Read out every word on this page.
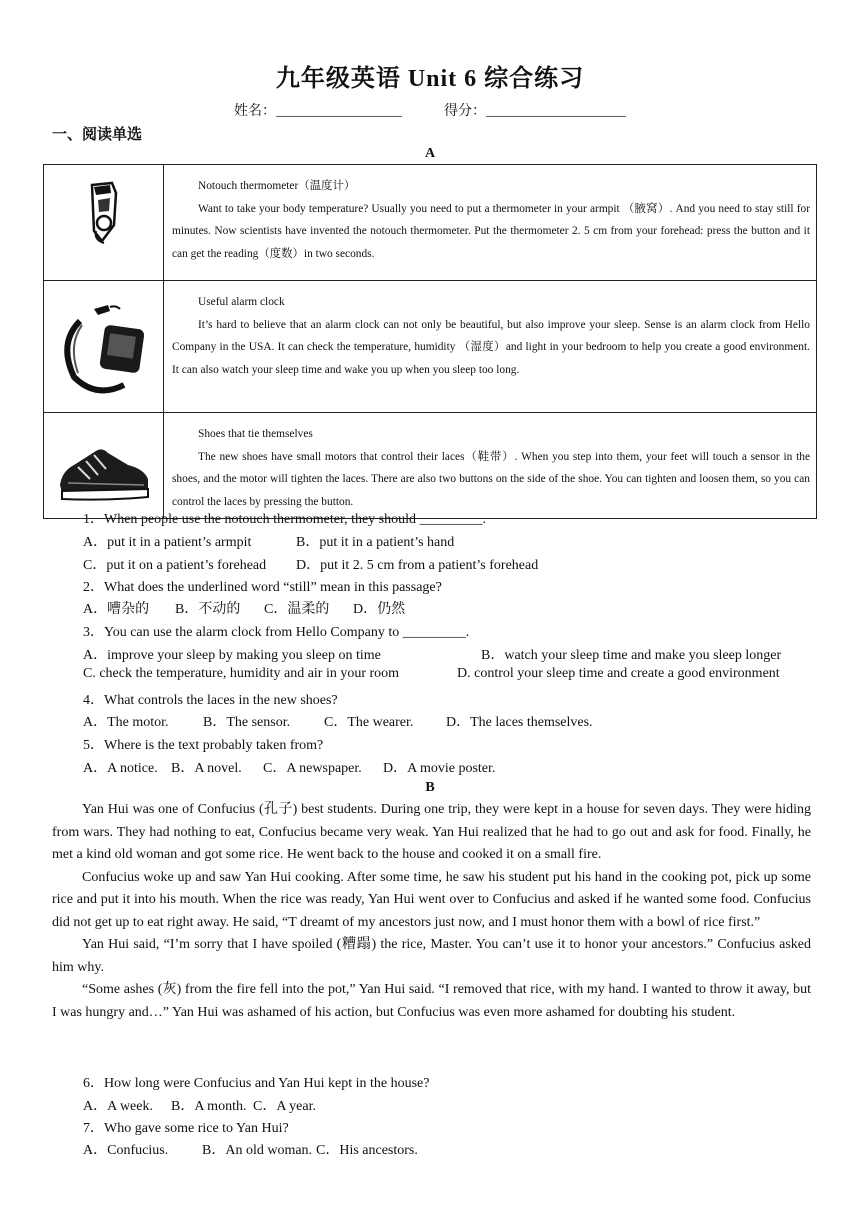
九年级英语 Unit 6 综合练习
姓名：__________________	得分：____________________
一、阅读单选
A

Notouch thermometer（温度计）

Want to take your body temperature? Usually you need to put a thermometer in your armpit （腋窝）. And you need to stay still for minutes. Now scientists have invented the notouch thermometer. Put the thermometer 2. 5 cm from your forehead: press the button and it can get the reading（度数）in two seconds.

Useful alarm clock

It’s hard to believe that an alarm clock can not only be beautiful, but also improve your sleep. Sense is an alarm clock from Hello Company in the USA. It can check the temperature, humidity （湿度）and light in your bedroom to help you create a good environment. It can also watch your sleep time and wake you up when you sleep too long.

Shoes that tie themselves

The new shoes have small motors that control their laces（鞋带）. When you step into them, your feet will touch a sensor in the shoes, and the motor will tighten the laces. There are also two buttons on the side of the shoe. You can tighten and loosen them, so you can control the laces by pressing the button.

1．When people use the notouch thermometer, they should _________.
A．put it in a patient’s armpit	B．put it in a patient’s hand
C．put it on a patient’s forehead D．put it 2. 5 cm from a patient’s forehead
2．What does the underlined word “still” mean in this passage?
A．嘈杂的 B．不动的 C．温柔的 D．仍然
3．You can use the alarm clock from Hello Company to _________.
A．improve your sleep by making you sleep on time	B．watch your sleep time and make you sleep longer
C. check the temperature, humidity and air in your room	D. control your sleep time and create a good environment
4．What controls the laces in the new shoes?
A．The motor. B．The sensor. C．The wearer. D．The laces themselves.
5．Where is the text probably taken from?
A．A notice. B．A novel. C．A newspaper. D．A movie poster.
B

Yan Hui was one of Confucius (孔子) best students. During one trip, they were kept in a house for seven days. They were hiding from wars. They had nothing to eat, Confucius became very weak. Yan Hui realized that he had to go out and ask for food. Finally, he met a kind old woman and got some rice. He went back to the house and cooked it on a small fire.

Confucius woke up and saw Yan Hui cooking. After some time, he saw his student put his hand in the cooking pot, pick up some rice and put it into his mouth. When the rice was ready, Yan Hui went over to Confucius and asked if he wanted some food. Confucius did not get up to eat right away. He said, “T dreamt of my ancestors just now, and I must honor them with a bowl of rice first.”

Yan Hui said, “I’m sorry that I have spoiled (糟蹋) the rice, Master. You can’t use it to honor your ancestors.” Confucius asked him why.

“Some ashes (灰) from the fire fell into the pot,” Yan Hui said. “I removed that rice, with my hand. I wanted to throw it away, but I was hungry and…” Yan Hui was ashamed of his action, but Confucius was even more ashamed for doubting his student.

6．How long were Confucius and Yan Hui kept in the house?
A．A week. B．A month. C．A year.
7．Who gave some rice to Yan Hui?
A．Confucius. B．An old woman. C．His ancestors.
